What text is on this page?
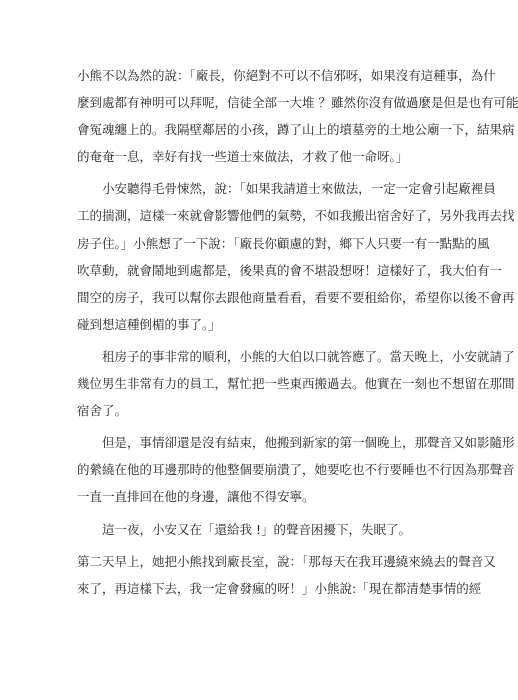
小熊不以為然的說：「廠長，你絕對不可以不信邪呀，如果沒有這種事，為什
麼到處都有神明可以拜呢，信徒全部一大堆 ？雖然你沒有做過麼是但是也有可能
會冤魂纏上的。我隔壁鄰居的小孩，蹲了山上的墳墓旁的土地公廟一下，結果病
的奄奄一息，幸好有找一些道士來做法，才救了他一命呀。」
小安聽得毛骨悚然，說：「如果我請道士來做法，一定一定會引起廠裡員
工的揣測，這樣一來就會影響他們的氣勢，不如我搬出宿舍好了，另外我再去找
房子住。」小熊想了一下說：「廠長你顧慮的對，鄉下人只要一有一點點的風
吹草動，就會鬧地到處都是，後果真的會不堪設想呀！這樣好了，我大伯有一
間空的房子，我可以幫你去跟他商量看看，看要不要租給你，希望你以後不會再
碰到想這種倒楣的事了。」
租房子的事非常的順利，小熊的大伯以口就答應了。當天晚上，小安就請了
幾位男生非常有力的員工，幫忙把一些東西搬過去。他實在一刻也不想留在那間
宿舍了。
但是，事情卻還是沒有結束，他搬到新家的第一個晚上，那聲音又如影隨形
的縈繞在他的耳邊那時的他整個要崩潰了，她要吃也不行要睡也不行因為那聲音
一直一直排回在他的身邊，讓他不得安寧。
這一夜，小安又在「還給我 !」的聲音困擾下，失眠了。
第二天早上，她把小熊找到廠長室，說：「那每天在我耳邊繞來繞去的聲音又
來了，再這樣下去，我一定會發瘋的呀！」小熊說:「現在都清楚事情的經
